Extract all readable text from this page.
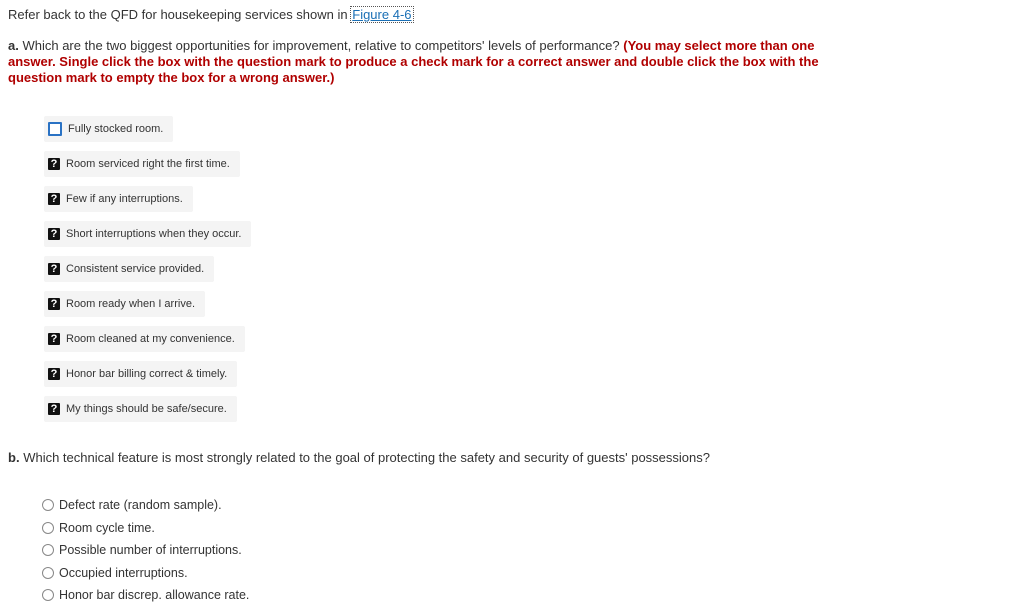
Refer back to the QFD for housekeeping services shown in Figure 4-6
a. Which are the two biggest opportunities for improvement, relative to competitors' levels of performance? (You may select more than one answer. Single click the box with the question mark to produce a check mark for a correct answer and double click the box with the question mark to empty the box for a wrong answer.)
Fully stocked room.
? Room serviced right the first time.
? Few if any interruptions.
? Short interruptions when they occur.
? Consistent service provided.
? Room ready when I arrive.
? Room cleaned at my convenience.
? Honor bar billing correct & timely.
? My things should be safe/secure.
b. Which technical feature is most strongly related to the goal of protecting the safety and security of guests' possessions?
Defect rate (random sample).
Room cycle time.
Possible number of interruptions.
Occupied interruptions.
Honor bar discrep. allowance rate.
